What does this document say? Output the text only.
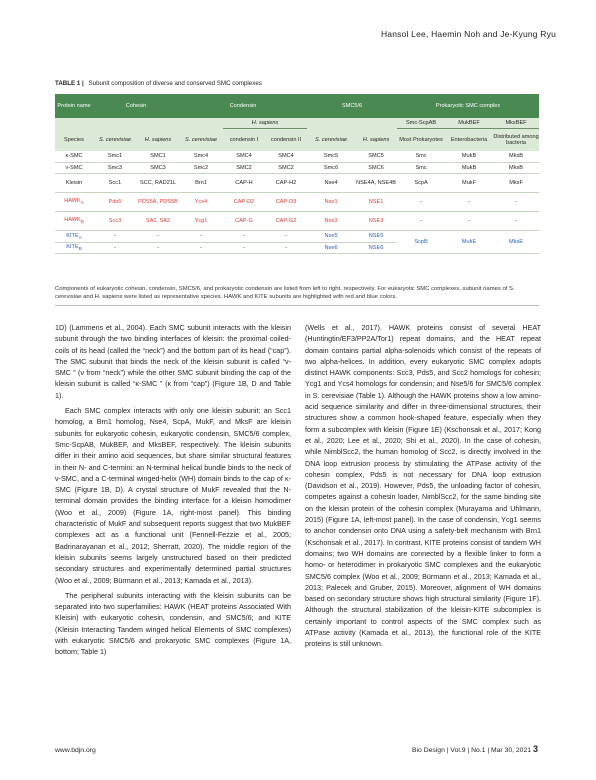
Hansol Lee, Haemin Noh and Je-Kyung Ryu
TABLE 1 | Subunit composition of diverse and conserved SMC complexes
Protein name	Cohesin		Condensin			SMC5/6		Prokaryotic SMC complex		
				H. sapiens				Smc-ScpAB	MukBEF	MksBEF
Species	S. cerevisiae	H. sapiens	S. cerevisiae	condensin I	condensin II	S. cerevisiae	H. sapiens	Most Prokaryotes	Enterobacteria	Distributed among bacteria
κ-SMC	Smc1	SMC1	Smc4	SMC4	SMC4	Smc5	SMC5	Smc	MukB	MksB
ν-SMC	Smc3	SMC3	Smc2	SMC2	SMC2	Smc6	SMC6	Smc	MukB	MksB
Kleisin	Scc1	SCC, RAD21L	Brn1	CAP-H	CAP-H2	Nse4	NSE4A, NSE4B	ScpA	MukF	MksF
$HAWK_A$	Pds5	PDS5A, PDS5B	Ycs4	CAP-D2	CAP-D3	Nse1	NSE1	-	-	-
$HAWK_B$	Scc3	SA1, SA2	Ycg1	CAP-G	CAP-G2	Nse3	NSE3	-	-	-
$KITE_A$	-	-	-	-	-	Nse5	NSE5	ScpB	MukE	MksE
$KITE_B$	-	-	-	-	-	Nse6	NSE6			
Components of eukaryotic cohesin, condensin, SMC5/6, and prokaryotic condensin are listed from left to right, respectively. For eukaryotic SMC complexes, subunit names of S. cerevisiae and H. sapiens were listed as representative species. HAWK and KITE subunits are highlighted with red and blue colors.

1D) (Lammens et al., 2004). Each SMC subunit interacts with the kleisin subunit through the two binding interfaces of kleisin: the proximal coiled-coils of its head (called the “neck”) and the bottom part of its head (“cap”). The SMC subunit that binds the neck of the kleisin subunit is called “ν-SMC ” (ν from “neck”) while the other SMC subunit binding the cap of the kleisin subunit is called “κ-SMC ” (κ from “cap”) (Figure 1B, D and Table 1).

Each SMC complex interacts with only one kleisin subunit: an Scc1 homolog, a Brn1 homolog, Nse4, ScpA, MukF, and MksF are kleisin subunits for eukaryotic cohesin, eukaryotic condensin, SMC5/6 complex, Smc-ScpAB, MukBEF, and MksBEF, respectively. The kleisin subunits differ in their amino acid sequences, but share similar structural features in their N- and C-termini: an N-terminal helical bundle binds to the neck of ν-SMC, and a C-terminal winged-helix (WH) domain binds to the cap of κ-SMC (Figure 1B, D). A crystal structure of MukF revealed that the N-terminal domain provides the binding interface for a kleisin homodimer (Woo et al., 2009) (Figure 1A, right-most panel). This binding characteristic of MukF and subsequent reports suggest that two MukBEF complexes act as a functional unit (Fennell-Fezzie et al., 2005; Badrinarayanan et al., 2012; Sherratt, 2020). The middle region of the kleisin subunits seems largely unstructured based on their predicted secondary structures and experimentally determined partial structures (Woo et al., 2009; Bürmann et al., 2013; Kamada et al., 2013).

The peripheral subunits interacting with the kleisin subunits can be separated into two superfamilies: HAWK (HEAT proteins Associated With Kleisin) with eukaryotic cohesin, condensin, and SMC5/6; and KITE (Kleisin Interacting Tandem winged helical Elements of SMC complexes) with eukaryotic SMC5/6 and prokaryotic SMC complexes (Figure 1A, bottom; Table 1)

(Wells et al., 2017). HAWK proteins consist of several HEAT (Huntingtin/EF3/PP2A/Tor1) repeat domains, and the HEAT repeat domain contains partial alpha-solenoids which consist of the repeats of two alpha-helices. In addition, every eukaryotic SMC complex adopts distinct HAWK components: Scc3, Pds5, and Scc2 homologs for cohesin; Ycg1 and Ycs4 homologs for condensin; and Nse5/6 for SMC5/6 complex in S. cerevisiae (Table 1). Although the HAWK proteins show a low amino-acid sequence similarity and differ in three-dimensional structures, their structures show a common hook-shaped feature, especially when they form a subcomplex with kleisin (Figure 1E) (Kschonsak et al., 2017; Kong et al., 2020; Lee et al., 2020; Shi et al., 2020). In the case of cohesin, while NimblScc2, the human homolog of Scc2, is directly involved in the DNA loop extrusion process by stimulating the ATPase activity of the cohesin complex, Pds5 is not necessary for DNA loop extrusion (Davidson et al., 2019). However, Pds5, the unloading factor of cohesin, competes against a cohesin loader, NimblScc2, for the same binding site on the kleisin protein of the cohesin complex (Murayama and Uhlmann, 2015) (Figure 1A, left-most panel). In the case of condensin, Ycg1 seems to anchor condensin onto DNA using a safety-belt mechanism with Brn1 (Kschonsak et al., 2017). In contrast, KITE proteins consist of tandem WH domains; two WH domains are connected by a flexible linker to form a homo- or heterodimer in prokaryotic SMC complexes and the eukaryotic SMC5/6 complex (Woo et al., 2009; Bürmann et al., 2013; Kamada et al., 2013; Palecek and Gruber, 2015). Moreover, alignment of WH domains based on secondary structure shows high structural similarity (Figure 1F). Although the structural stabilization of the kleisin-KITE subcomplex is certainly important to control aspects of the SMC complex such as ATPase activity (Kamada et al., 2013), the functional role of the KITE proteins is still unknown.

www.bdjn.org	Bio Design | Vol.9 | No.1 | Mar 30, 2021 3
